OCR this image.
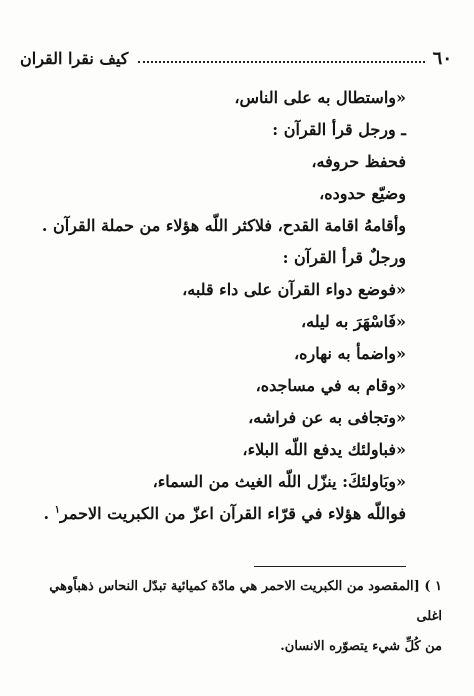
٦٠
كيف نقرا القران
«واستطال به على الناس،
ـ ورجل قرأ القرآن :
فحفظ حروفه،
وضيّع حدوده،
وأقامهُ اقامة القدح، فلاكثر اللّه هؤلاء من حملة القرآن .
ورجلٌ قرأ القرآن :
«فوضع دواء القرآن على داء قلبه،
«فَاسْهَرَ به ليله،
«واضمأ به نهاره،
«وقام به في مساجده،
«وتجافى به عن فراشه،
«فباولئك يدفع اللّه البلاء،
«وبَاولئكَ: ينزّل اللّه الغيث من السماء،
فواللّه هؤلاء في قرّاء القرآن اعزّ من الكبريت الاحمر$^١$ .
١ ) [المقصود من الكبريت الاحمر هي مادّة كميائية تبدّل النحاس ذهباًوهي اغلى
من كُلِّ شيء يتصوّره الانسان.
